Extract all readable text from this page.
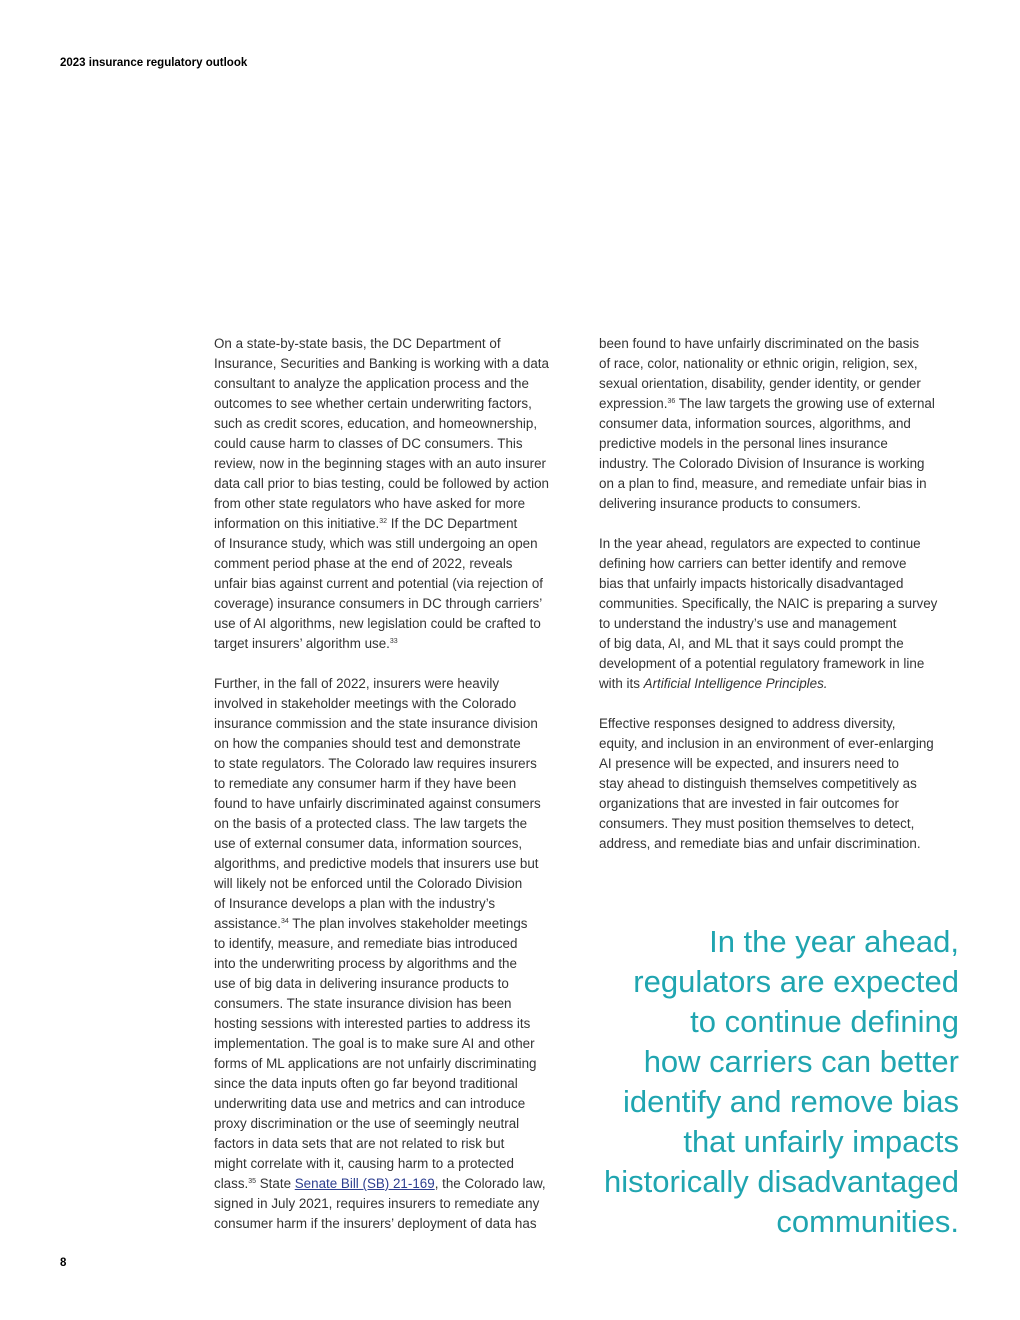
2023 insurance regulatory outlook
On a state-by-state basis, the DC Department of
Insurance, Securities and Banking is working with a data
consultant to analyze the application process and the
outcomes to see whether certain underwriting factors,
such as credit scores, education, and homeownership,
could cause harm to classes of DC consumers. This
review, now in the beginning stages with an auto insurer
data call prior to bias testing, could be followed by action
from other state regulators who have asked for more
information on this initiative.$^{32}$ If the DC Department
of Insurance study, which was still undergoing an open
comment period phase at the end of 2022, reveals
unfair bias against current and potential (via rejection of
coverage) insurance consumers in DC through carriers’
use of AI algorithms, new legislation could be crafted to
target insurers’ algorithm use.$^{33}$
Further, in the fall of 2022, insurers were heavily
involved in stakeholder meetings with the Colorado
insurance commission and the state insurance division
on how the companies should test and demonstrate
to state regulators. The Colorado law requires insurers
to remediate any consumer harm if they have been
found to have unfairly discriminated against consumers
on the basis of a protected class. The law targets the
use of external consumer data, information sources,
algorithms, and predictive models that insurers use but
will likely not be enforced until the Colorado Division
of Insurance develops a plan with the industry’s
assistance.$^{34}$ The plan involves stakeholder meetings
to identify, measure, and remediate bias introduced
into the underwriting process by algorithms and the
use of big data in delivering insurance products to
consumers. The state insurance division has been
hosting sessions with interested parties to address its
implementation. The goal is to make sure AI and other
forms of ML applications are not unfairly discriminating
since the data inputs often go far beyond traditional
underwriting data use and metrics and can introduce
proxy discrimination or the use of seemingly neutral
factors in data sets that are not related to risk but
might correlate with it, causing harm to a protected
class.$^{35}$ State Senate Bill (SB) 21-169, the Colorado law,
signed in July 2021, requires insurers to remediate any
consumer harm if the insurers’ deployment of data has
been found to have unfairly discriminated on the basis
of race, color, nationality or ethnic origin, religion, sex,
sexual orientation, disability, gender identity, or gender
expression.$^{36}$ The law targets the growing use of external
consumer data, information sources, algorithms, and
predictive models in the personal lines insurance
industry. The Colorado Division of Insurance is working
on a plan to find, measure, and remediate unfair bias in
delivering insurance products to consumers.
In the year ahead, regulators are expected to continue
defining how carriers can better identify and remove
bias that unfairly impacts historically disadvantaged
communities. Specifically, the NAIC is preparing a survey
to understand the industry’s use and management
of big data, AI, and ML that it says could prompt the
development of a potential regulatory framework in line
with its Artificial Intelligence Principles.
Effective responses designed to address diversity,
equity, and inclusion in an environment of ever-enlarging
AI presence will be expected, and insurers need to
stay ahead to distinguish themselves competitively as
organizations that are invested in fair outcomes for
consumers. They must position themselves to detect,
address, and remediate bias and unfair discrimination.
In the year ahead,
regulators are expected
to continue defining
how carriers can better
identify and remove bias
that unfairly impacts
historically disadvantaged
communities.
8
